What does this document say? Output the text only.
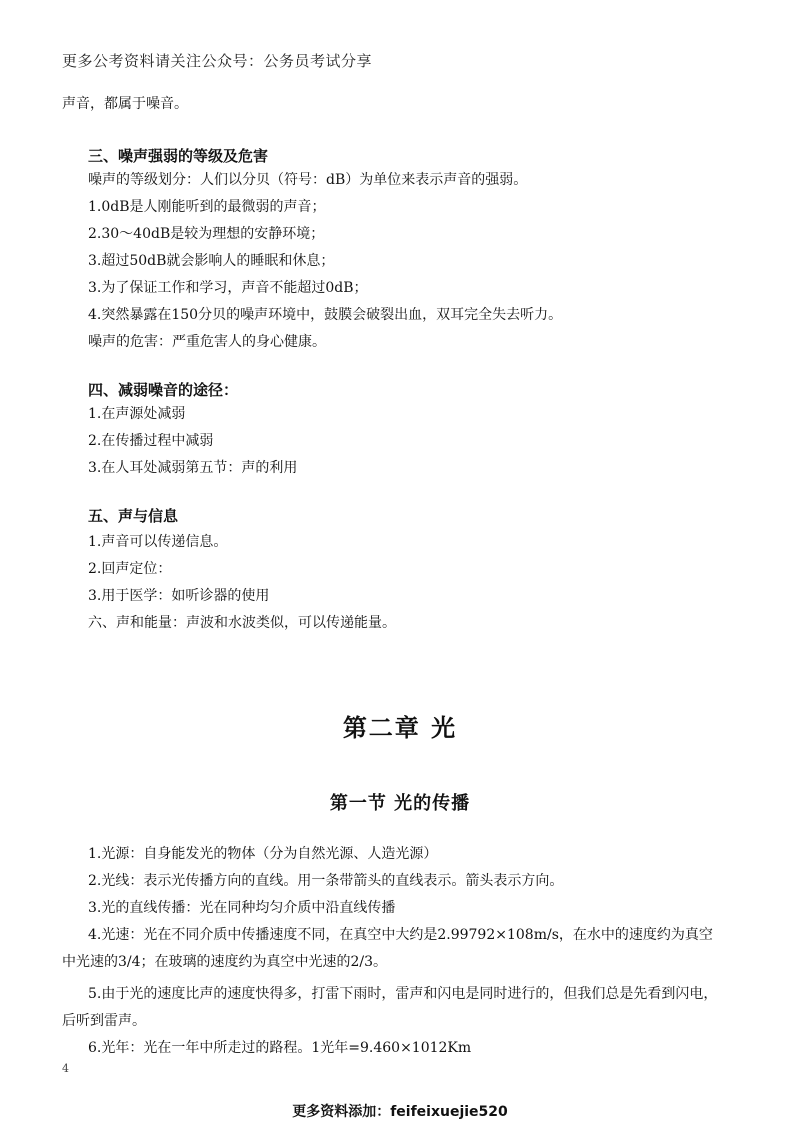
更多公考资料请关注公众号：公务员考试分享
声音，都属于噪音。
三、噪声强弱的等级及危害
噪声的等级划分：人们以分贝（符号：dB）为单位来表示声音的强弱。
1.0dB是人刚能听到的最微弱的声音；
2.30～40dB是较为理想的安静环境；
3.超过50dB就会影响人的睡眠和休息；
3.为了保证工作和学习，声音不能超过0dB；
4.突然暴露在150分贝的噪声环境中，鼓膜会破裂出血，双耳完全失去听力。
噪声的危害：严重危害人的身心健康。
四、减弱噪音的途径：
1.在声源处减弱
2.在传播过程中减弱
3.在人耳处减弱第五节：声的利用
五、声与信息
1.声音可以传递信息。
2.回声定位：
3.用于医学：如听诊器的使用
六、声和能量：声波和水波类似，可以传递能量。
第二章 光
第一节 光的传播
1.光源：自身能发光的物体（分为自然光源、人造光源）
2.光线：表示光传播方向的直线。用一条带箭头的直线表示。箭头表示方向。
3.光的直线传播：光在同种均匀介质中沿直线传播
4.光速：光在不同介质中传播速度不同，在真空中大约是2.99792×108m/s，在水中的速度约为真空
中光速的3/4；在玻璃的速度约为真空中光速的2/3。
5.由于光的速度比声的速度快得多，打雷下雨时，雷声和闪电是同时进行的，但我们总是先看到闪电，
后听到雷声。
6.光年：光在一年中所走过的路程。1光年=9.460×1012Km
4
更多资料添加：feifeixuejie520
